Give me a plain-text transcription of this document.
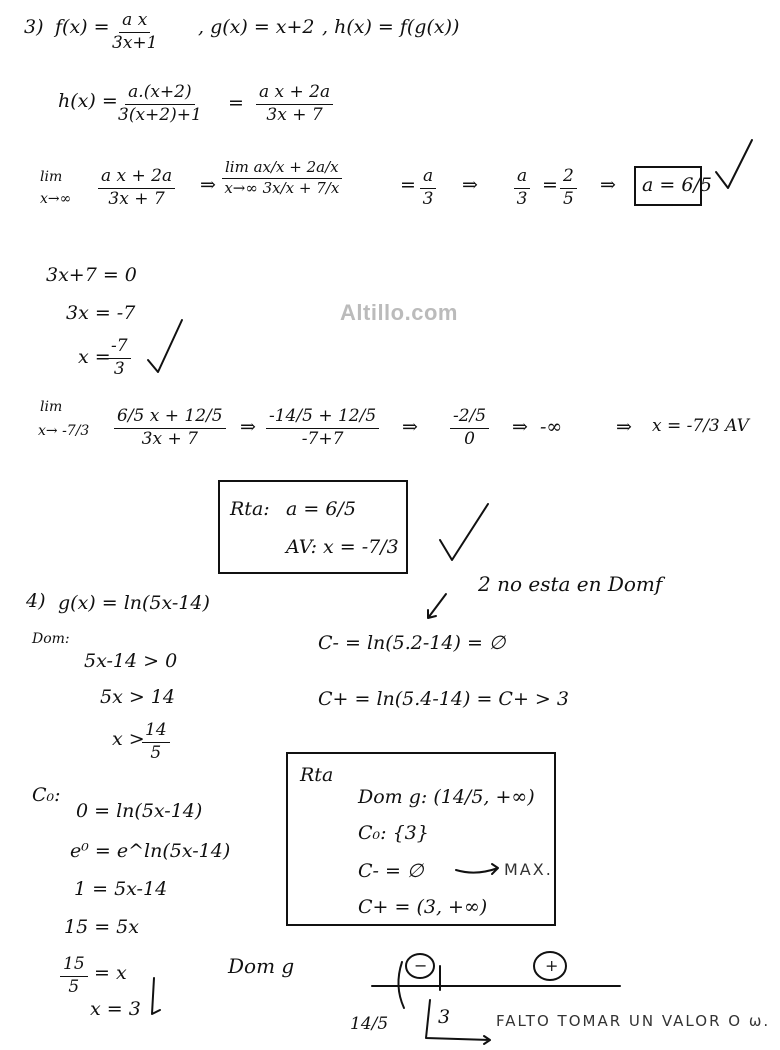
Altillo.com
3) $f(x) = \frac{\text{a x}}{3x+1}$ , g(x) = x+2 , h(x) = f(g(x))
$h(x) = \frac{a.(x+2)}{3(x+2)+1} = \frac{\text{a x + 2a}}{3x + 7}$
lim
$x\to\infty \frac{\text{a x + 2a}}{3x + 7}$ ⇒ $\frac{\text{lim ax/x + 2a/x}}{x\to\infty 3x/x + 7/x}$	= $\frac{a}{3}$ ⇒ $\frac{a}{3} = \frac{2}{5}$ ⇒ a = 6/5
3x+7 = 0
3x = -7
x =
$\frac{-7}{3}$
lim
$x\to -7/3 \frac{6/5 x + 12/5}{3x + 7}$ ⇒ $\frac{-14/5 + 12/5}{-7+7}$ ⇒ $\frac{-2/5}{0}$ ⇒ -∞	⇒ x = -7/3 AV
Rta: a = 6/5
AV: x = -7/3
4) g(x) = ln(5x-14)
2 no esta en Domf
Dom:
5x-14 > 0
5x > 14
x >
$\frac{14}{5}$
C- = ln(5.2-14) = ∅
C+ = ln(5.4-14) = C+ > 3
C₀:
0 = ln(5x-14)
e⁰ = e^ln(5x-14)
1 = 5x-14
15 = 5x
$\frac{15}{5} = x$
x = 3
Rta
Dom g: (14/5, +∞)
C₀: {3}
C- = ∅	MAX.
C+ = (3, +∞)
Dom g	−	+
14/5	3	FALTO TOMAR UN VALOR O ω.
